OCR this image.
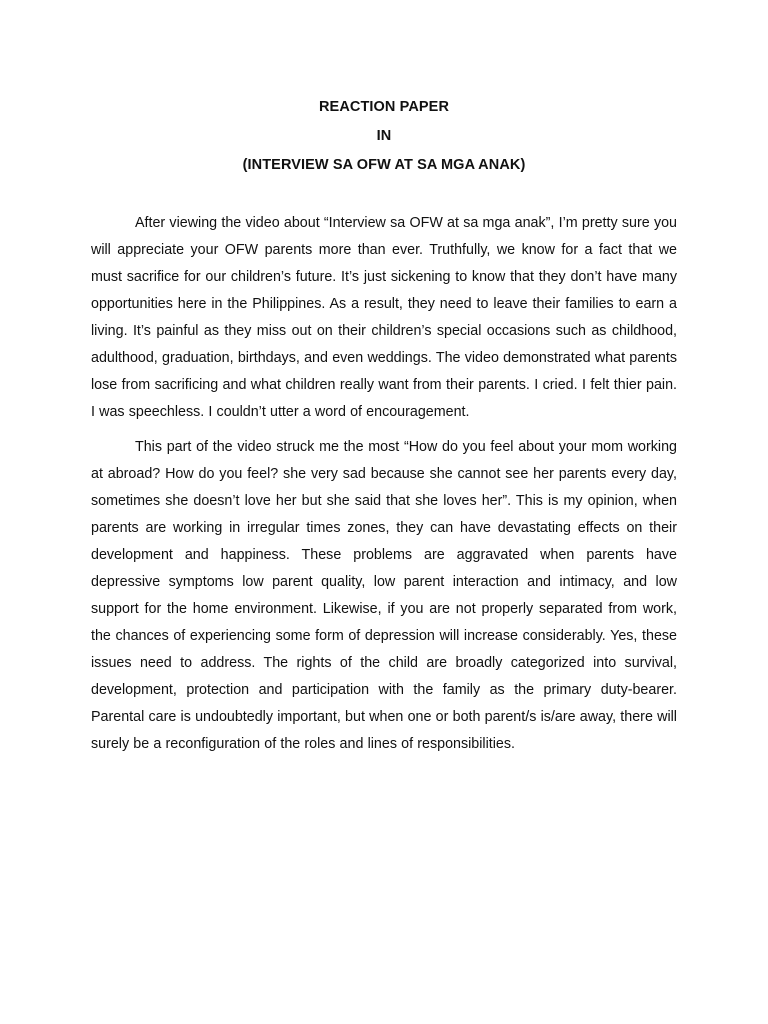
REACTION PAPER
IN
(INTERVIEW SA OFW AT SA MGA ANAK)

After viewing the video about “Interview sa OFW at sa mga anak”, I’m pretty sure you will appreciate your OFW parents more than ever. Truthfully, we know for a fact that we must sacrifice for our children’s future. It’s just sickening to know that they don’t have many opportunities here in the Philippines. As a result, they need to leave their families to earn a living. It’s painful as they miss out on their children’s special occasions such as childhood, adulthood, graduation, birthdays, and even weddings. The video demonstrated what parents lose from sacrificing and what children really want from their parents. I cried. I felt thier pain. I was speechless. I couldn’t utter a word of encouragement.

This part of the video struck me the most “How do you feel about your mom working at abroad? How do you feel? she very sad because she cannot see her parents every day, sometimes she doesn’t love her but she said that she loves her”. This is my opinion, when parents are working in irregular times zones, they can have devastating effects on their development and happiness. These problems are aggravated when parents have depressive symptoms low parent quality, low parent interaction and intimacy, and low support for the home environment. Likewise, if you are not properly separated from work, the chances of experiencing some form of depression will increase considerably. Yes, these issues need to address. The rights of the child are broadly categorized into survival, development, protection and participation with the family as the primary duty-bearer. Parental care is undoubtedly important, but when one or both parent/s is/are away, there will surely be a reconfiguration of the roles and lines of responsibilities.
